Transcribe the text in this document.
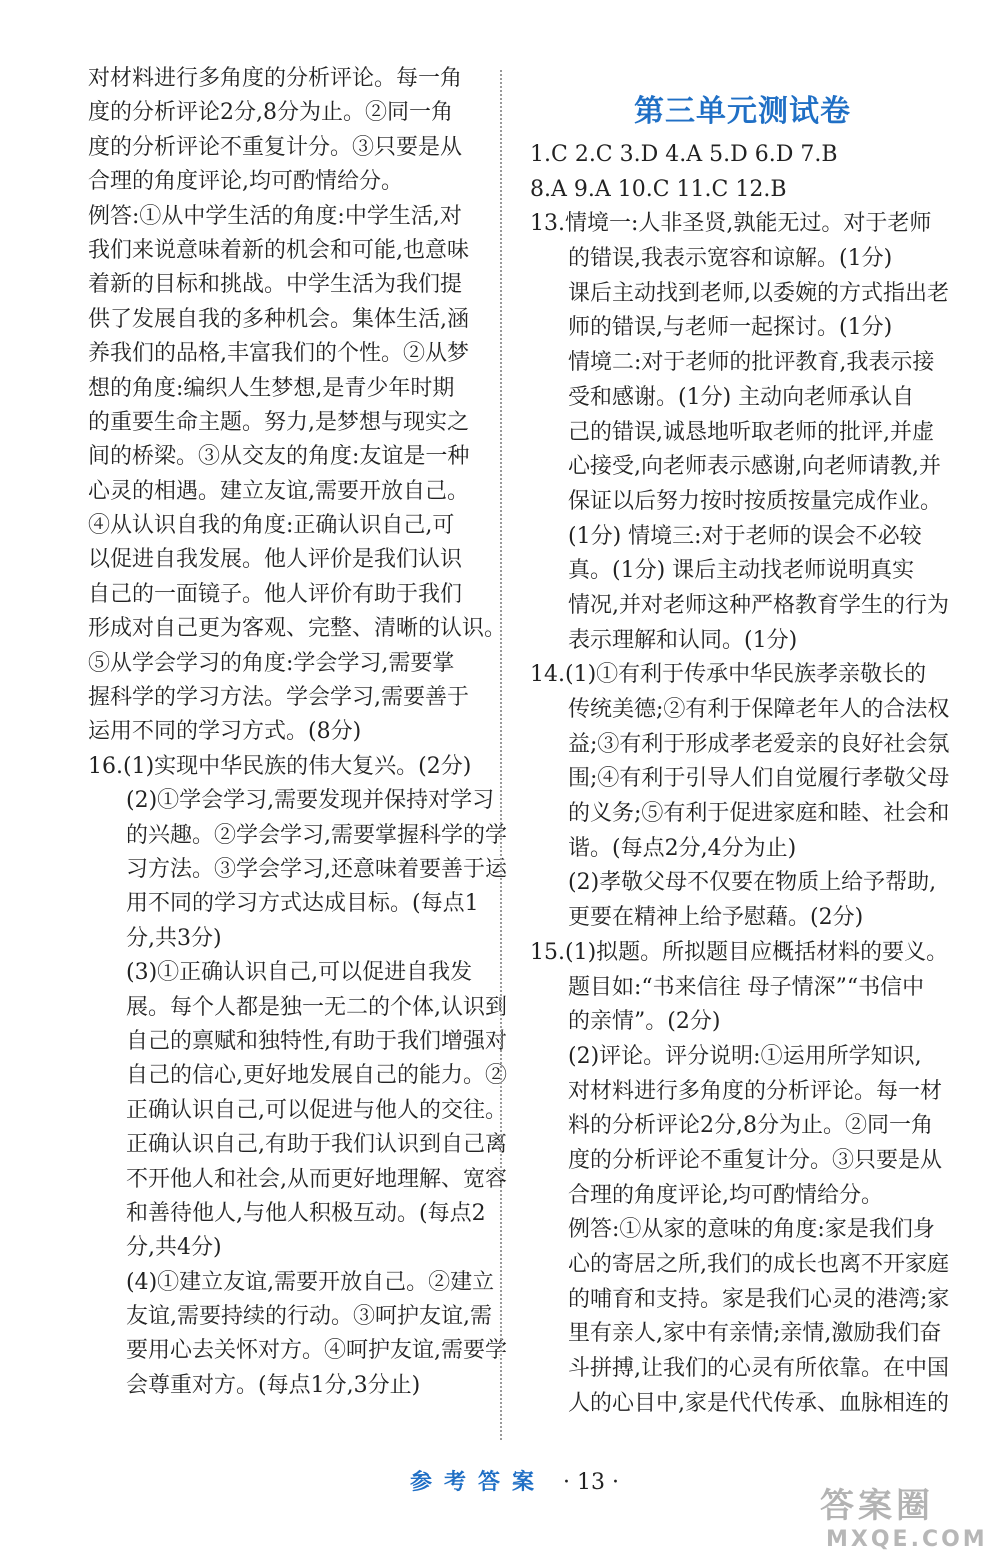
对材料进行多角度的分析评论。每一角
度的分析评论2分,8分为止。②同一角
度的分析评论不重复计分。③只要是从
合理的角度评论,均可酌情给分。
例答:①从中学生活的角度:中学生活,对
我们来说意味着新的机会和可能,也意味
着新的目标和挑战。中学生活为我们提
供了发展自我的多种机会。集体生活,涵
养我们的品格,丰富我们的个性。②从梦
想的角度:编织人生梦想,是青少年时期
的重要生命主题。努力,是梦想与现实之
间的桥梁。③从交友的角度:友谊是一种
心灵的相遇。建立友谊,需要开放自己。
④从认识自我的角度:正确认识自己,可
以促进自我发展。他人评价是我们认识
自己的一面镜子。他人评价有助于我们
形成对自己更为客观、完整、清晰的认识。
⑤从学会学习的角度:学会学习,需要掌
握科学的学习方法。学会学习,需要善于
运用不同的学习方式。(8分)
16.(1)实现中华民族的伟大复兴。(2分)
(2)①学会学习,需要发现并保持对学习
的兴趣。②学会学习,需要掌握科学的学
习方法。③学会学习,还意味着要善于运
用不同的学习方式达成目标。(每点1
分,共3分)
(3)①正确认识自己,可以促进自我发
展。每个人都是独一无二的个体,认识到
自己的禀赋和独特性,有助于我们增强对
自己的信心,更好地发展自己的能力。②
正确认识自己,可以促进与他人的交往。
正确认识自己,有助于我们认识到自己离
不开他人和社会,从而更好地理解、宽容
和善待他人,与他人积极互动。(每点2
分,共4分)
(4)①建立友谊,需要开放自己。②建立
友谊,需要持续的行动。③呵护友谊,需
要用心去关怀对方。④呵护友谊,需要学
会尊重对方。(每点1分,3分止)
第三单元测试卷
1.C 2.C 3.D 4.A 5.D 6.D 7.B
8.A 9.A 10.C 11.C 12.B
13.情境一:人非圣贤,孰能无过。对于老师
的错误,我表示宽容和谅解。(1分)
课后主动找到老师,以委婉的方式指出老
师的错误,与老师一起探讨。(1分)
情境二:对于老师的批评教育,我表示接
受和感谢。(1分) 主动向老师承认自
己的错误,诚恳地听取老师的批评,并虚
心接受,向老师表示感谢,向老师请教,并
保证以后努力按时按质按量完成作业。
(1分) 情境三:对于老师的误会不必较
真。(1分) 课后主动找老师说明真实
情况,并对老师这种严格教育学生的行为
表示理解和认同。(1分)
14.(1)①有利于传承中华民族孝亲敬长的
传统美德;②有利于保障老年人的合法权
益;③有利于形成孝老爱亲的良好社会氛
围;④有利于引导人们自觉履行孝敬父母
的义务;⑤有利于促进家庭和睦、社会和
谐。(每点2分,4分为止)
(2)孝敬父母不仅要在物质上给予帮助,
更要在精神上给予慰藉。(2分)
15.(1)拟题。所拟题目应概括材料的要义。
题目如:“书来信往 母子情深”“书信中
的亲情”。(2分)
(2)评论。评分说明:①运用所学知识,
对材料进行多角度的分析评论。每一材
料的分析评论2分,8分为止。②同一角
度的分析评论不重复计分。③只要是从
合理的角度评论,均可酌情给分。
例答:①从家的意味的角度:家是我们身
心的寄居之所,我们的成长也离不开家庭
的哺育和支持。家是我们心灵的港湾;家
里有亲人,家中有亲情;亲情,激励我们奋
斗拼搏,让我们的心灵有所依靠。在中国
人的心目中,家是代代传承、血脉相连的
参考答案 · 13 ·
答案圈
MXQE.COM
